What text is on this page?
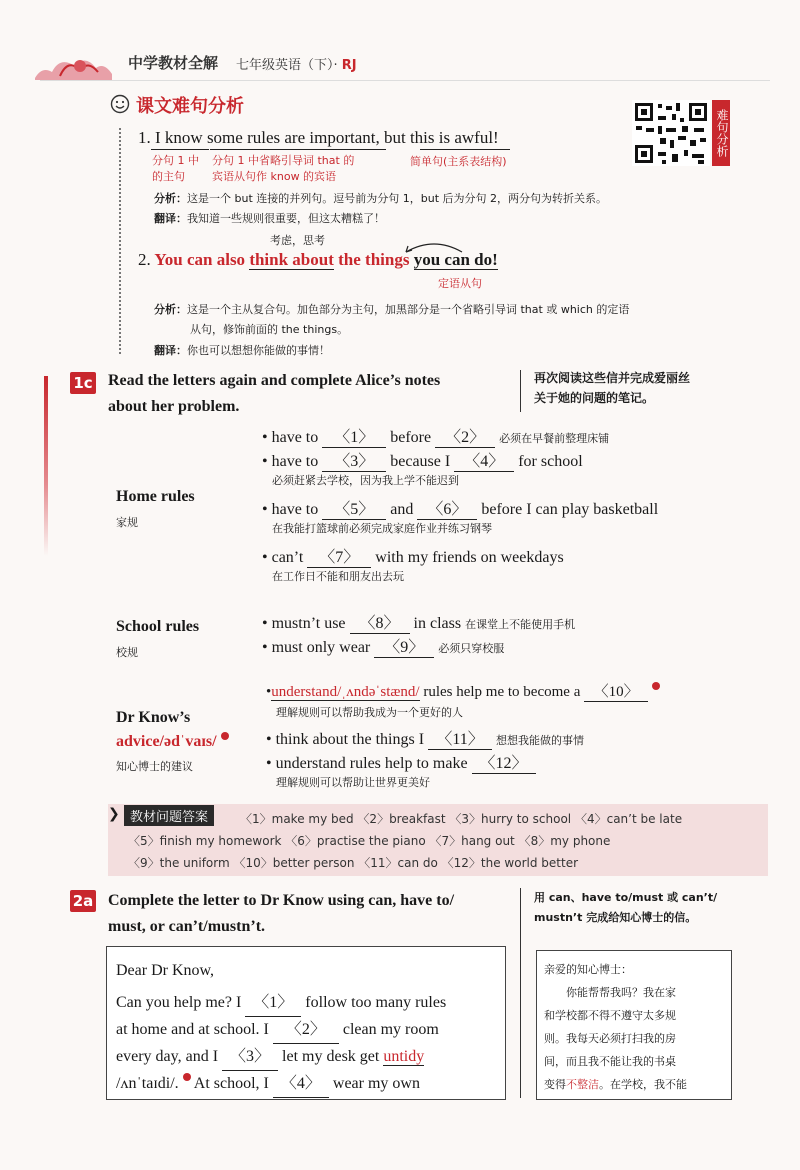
中学教材全解 七年级英语（下）· RJ
课文难句分析
难句分析
1. I know some rules are important, but this is awful!
分句 1 中
的主句
分句 1 中省略引导词 that 的
宾语从句作 know 的宾语
简单句(主系表结构)
分析：这是一个 but 连接的并列句。逗号前为分句 1，but 后为分句 2，两分句为转折关系。
翻译：我知道一些规则很重要，但这太糟糕了！
考虑，思考
2. You can also think about the things you can do!
定语从句
分析：这是一个主从复合句。加色部分为主句，加黑部分是一个省略引导词 that 或 which 的定语
从句，修饰前面的 the things。
翻译：你也可以想想你能做的事情！
1c Read the letters again and complete Alice’s notes
about her problem.
再次阅读这些信并完成爱丽丝
关于她的问题的笔记。
Home rules
家规
• have to 〈1〉 before 〈2〉 必须在早餐前整理床铺
• have to 〈3〉 because I 〈4〉 for school
必须赶紧去学校，因为我上学不能迟到
• have to 〈5〉 and 〈6〉 before I can play basketball
在我能打篮球前必须完成家庭作业并练习钢琴
• can’t 〈7〉 with my friends on weekdays
在工作日不能和朋友出去玩
School rules
校规
• mustn’t use 〈8〉 in class 在课堂上不能使用手机
• must only wear 〈9〉 必须只穿校服
Dr Know’s
advice/ədˈvaɪs/
知心博士的建议
•understand/ˌʌndəˈstænd/ rules help me to become a 〈10〉
理解规则可以帮助我成为一个更好的人
• think about the things I 〈11〉 想想我能做的事情
• understand rules help to make 〈12〉
理解规则可以帮助让世界更美好
❯ 教材问题答案	〈1〉make my bed 〈2〉breakfast 〈3〉hurry to school 〈4〉can’t be late
〈5〉finish my homework 〈6〉practise the piano 〈7〉hang out 〈8〉my phone
〈9〉the uniform 〈10〉better person 〈11〉can do 〈12〉the world better
2a Complete the letter to Dr Know using can, have to/
must, or can’t/mustn’t.
用 can、have to/must 或 can’t/
mustn’t 完成给知心博士的信。
Dear Dr Know,
Can you help me? I 〈1〉 follow too many rules
at home and at school. I 〈2〉 clean my room
every day, and I 〈3〉 let my desk get untidy
/ʌnˈtaɪdi/. At school, I 〈4〉 wear my own
亲爱的知心博士：
你能帮帮我吗？我在家
和学校都不得不遵守太多规
则。我每天必须打扫我的房
间，而且我不能让我的书桌
变得不整洁。在学校，我不能
